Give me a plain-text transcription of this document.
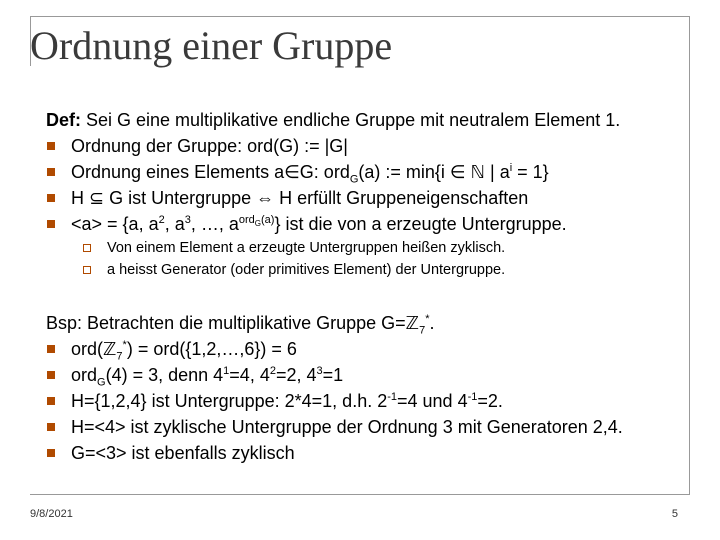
Ordnung einer Gruppe
Def: Sei G eine multiplikative endliche Gruppe mit neutralem Element 1.
Ordnung der Gruppe: ord(G) := |G|
Ordnung eines Elements a∈G: ord$_G$(a) := min{i ∈ ℕ | $a^i = 1$}
H ⊆ G ist Untergruppe ⇔ H erfüllt Gruppeneigenschaften
<a> = {a, $a^2$, $a^3$, …, $a^{ord_G(a)}$} ist die von a erzeugte Untergruppe.
Von einem Element a erzeugte Untergruppen heißen zyklisch.
a heisst Generator (oder primitives Element) der Untergruppe.
Bsp: Betrachten die multiplikative Gruppe G=ℤ$_7$*.
ord(ℤ$_7$*) = ord({1,2,…,6}) = 6
ord$_G$(4) = 3, denn $4^1=4$, $4^2=2$, $4^3=1$
H={1,2,4} ist Untergruppe: 2*4=1, d.h. $2^{-1}=4$ und $4^{-1}=2$.
H=<4> ist zyklische Untergruppe der Ordnung 3 mit Generatoren 2,4.
G=<3> ist ebenfalls zyklisch
9/8/2021	5
